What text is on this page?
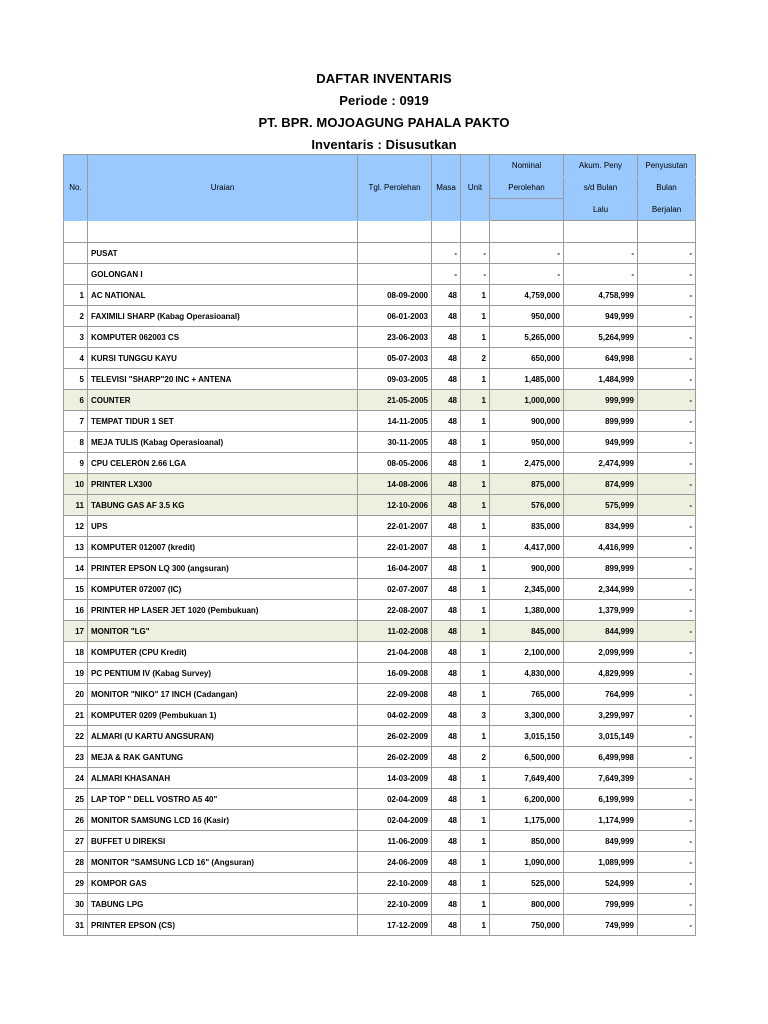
DAFTAR INVENTARIS
Periode : 0919
PT. BPR. MOJOAGUNG PAHALA PAKTO
Inventaris : Disusutkan
No.	Uraian	Tgl. Perolehan	Masa	Unit	Nominal	Akum. Peny	Penyusutan
					Perolehan	s/d Bulan	Bulan
						Lalu	Berjalan

	PUSAT		-	-	-	-	-
	GOLONGAN I		-	-	-	-	-
1	AC NATIONAL	08-09-2000	48	1	4,759,000	4,758,999	-
2	FAXIMILI SHARP (Kabag Operasioanal)	06-01-2003	48	1	950,000	949,999	-
3	KOMPUTER 062003 CS	23-06-2003	48	1	5,265,000	5,264,999	-
4	KURSI TUNGGU KAYU	05-07-2003	48	2	650,000	649,998	-
5	TELEVISI "SHARP"20 INC + ANTENA	09-03-2005	48	1	1,485,000	1,484,999	-
6	COUNTER	21-05-2005	48	1	1,000,000	999,999	-
7	TEMPAT TIDUR 1 SET	14-11-2005	48	1	900,000	899,999	-
8	MEJA TULIS (Kabag Operasioanal)	30-11-2005	48	1	950,000	949,999	-
9	CPU CELERON 2.66 LGA	08-05-2006	48	1	2,475,000	2,474,999	-
10	PRINTER LX300	14-08-2006	48	1	875,000	874,999	-
11	TABUNG GAS AF 3.5 KG	12-10-2006	48	1	576,000	575,999	-
12	UPS	22-01-2007	48	1	835,000	834,999	-
13	KOMPUTER 012007 (kredit)	22-01-2007	48	1	4,417,000	4,416,999	-
14	PRINTER EPSON LQ 300 (angsuran)	16-04-2007	48	1	900,000	899,999	-
15	KOMPUTER 072007 (IC)	02-07-2007	48	1	2,345,000	2,344,999	-
16	PRINTER HP LASER JET 1020 (Pembukuan)	22-08-2007	48	1	1,380,000	1,379,999	-
17	MONITOR "LG"	11-02-2008	48	1	845,000	844,999	-
18	KOMPUTER (CPU Kredit)	21-04-2008	48	1	2,100,000	2,099,999	-
19	PC PENTIUM IV (Kabag Survey)	16-09-2008	48	1	4,830,000	4,829,999	-
20	MONITOR "NIKO" 17 INCH (Cadangan)	22-09-2008	48	1	765,000	764,999	-
21	KOMPUTER 0209 (Pembukuan 1)	04-02-2009	48	3	3,300,000	3,299,997	-
22	ALMARI (U KARTU ANGSURAN)	26-02-2009	48	1	3,015,150	3,015,149	-
23	MEJA & RAK GANTUNG	26-02-2009	48	2	6,500,000	6,499,998	-
24	ALMARI KHASANAH	14-03-2009	48	1	7,649,400	7,649,399	-
25	LAP TOP " DELL VOSTRO A5 40"	02-04-2009	48	1	6,200,000	6,199,999	-
26	MONITOR SAMSUNG LCD 16 (Kasir)	02-04-2009	48	1	1,175,000	1,174,999	-
27	BUFFET U DIREKSI	11-06-2009	48	1	850,000	849,999	-
28	MONITOR "SAMSUNG LCD 16" (Angsuran)	24-06-2009	48	1	1,090,000	1,089,999	-
29	KOMPOR GAS	22-10-2009	48	1	525,000	524,999	-
30	TABUNG LPG	22-10-2009	48	1	800,000	799,999	-
31	PRINTER EPSON (CS)	17-12-2009	48	1	750,000	749,999	-
